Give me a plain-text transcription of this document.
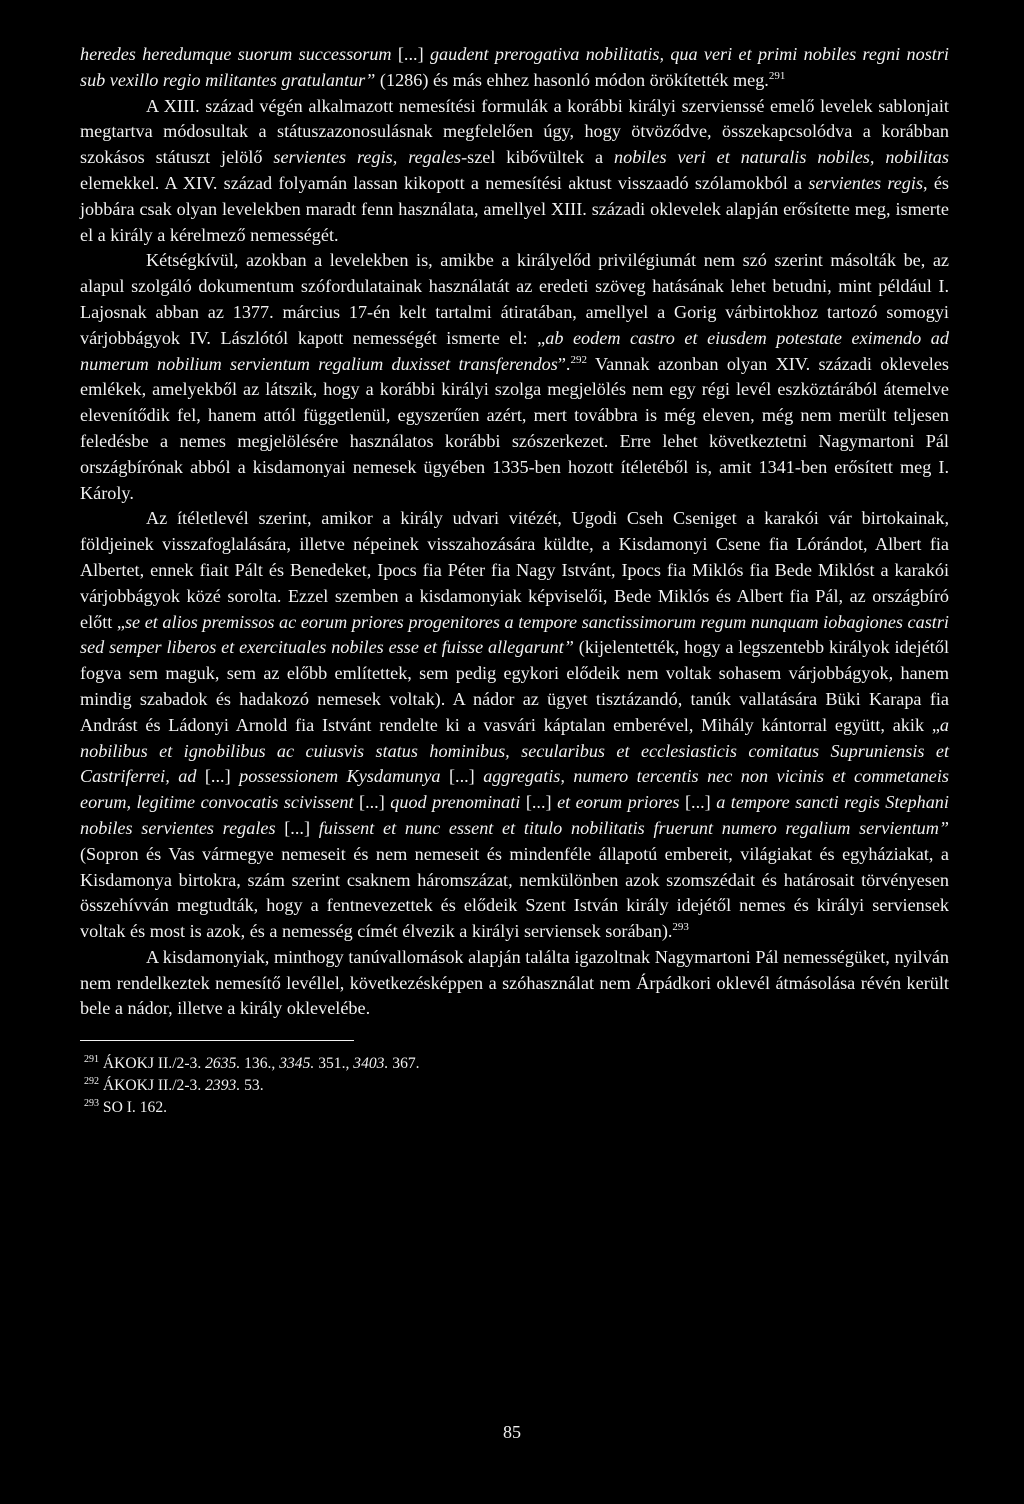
heredes heredumque suorum successorum [...] gaudent prerogativa nobilitatis, qua veri et primi nobiles regni nostri sub vexillo regio militantes gratulantur” (1286) és más ehhez hasonló módon örökítették meg.$^{291}$

A XIII. század végén alkalmazott nemesítési formulák a korábbi királyi szervienssé emelő levelek sablonjait megtartva módosultak a státuszazonosulásnak megfelelően úgy, hogy ötvöződve, összekapcsolódva a korábban szokásos státuszt jelölő servientes regis, regales-szel kibővültek a nobiles veri et naturalis nobiles, nobilitas elemekkel. A XIV. század folyamán lassan kikopott a nemesítési aktust visszaadó szólamokból a servientes regis, és jobbára csak olyan levelekben maradt fenn használata, amellyel XIII. századi oklevelek alapján erősítette meg, ismerte el a király a kérelmező nemességét.

Kétségkívül, azokban a levelekben is, amikbe a királyelőd privilégiumát nem szó szerint másolták be, az alapul szolgáló dokumentum szófordulatainak használatát az eredeti szöveg hatásának lehet betudni, mint például I. Lajosnak abban az 1377. március 17-én kelt tartalmi átiratában, amellyel a Gorig várbirtokhoz tartozó somogyi várjobbágyok IV. Lászlótól kapott nemességét ismerte el: „ab eodem castro et eiusdem potestate eximendo ad numerum nobilium servientum regalium duxisset transferendos”.$^{292}$ Vannak azonban olyan XIV. századi okleveles emlékek, amelyekből az látszik, hogy a korábbi királyi szolga megjelölés nem egy régi levél eszköztárából átemelve elevenítődik fel, hanem attól függetlenül, egyszerűen azért, mert továbbra is még eleven, még nem merült teljesen feledésbe a nemes megjelölésére használatos korábbi szószerkezet. Erre lehet következtetni Nagymartoni Pál országbírónak abból a kisdamonyai nemesek ügyében 1335-ben hozott ítéletéből is, amit 1341-ben erősített meg I. Károly.

Az ítéletlevél szerint, amikor a király udvari vitézét, Ugodi Cseh Cseniget a karakói vár birtokainak, földjeinek visszafoglalására, illetve népeinek visszahozására küldte, a Kisdamonyi Csene fia Lórándot, Albert fia Albertet, ennek fiait Pált és Benedeket, Ipocs fia Péter fia Nagy Istvánt, Ipocs fia Miklós fia Bede Miklóst a karakói várjobbágyok közé sorolta. Ezzel szemben a kisdamonyiak képviselői, Bede Miklós és Albert fia Pál, az országbíró előtt „se et alios premissos ac eorum priores progenitores a tempore sanctissimorum regum nunquam iobagiones castri sed semper liberos et exercituales nobiles esse et fuisse allegarunt” (kijelentették, hogy a legszentebb királyok idejétől fogva sem maguk, sem az előbb említettek, sem pedig egykori elődeik nem voltak sohasem várjobbágyok, hanem mindig szabadok és hadakozó nemesek voltak). A nádor az ügyet tisztázandó, tanúk vallatására Büki Karapa fia Andrást és Ládonyi Arnold fia Istvánt rendelte ki a vasvári káptalan emberével, Mihály kántorral együtt, akik „a nobilibus et ignobilibus ac cuiusvis status hominibus, secularibus et ecclesiasticis comitatus Supruniensis et Castriferrei, ad [...] possessionem Kysdamunya [...] aggregatis, numero tercentis nec non vicinis et commetaneis eorum, legitime convocatis scivissent [...] quod prenominati [...] et eorum priores [...] a tempore sancti regis Stephani nobiles servientes regales [...] fuissent et nunc essent et titulo nobilitatis fruerunt numero regalium servientum” (Sopron és Vas vármegye nemeseit és nem nemeseit és mindenféle állapotú embereit, világiakat és egyháziakat, a Kisdamonya birtokra, szám szerint csaknem háromszázat, nemkülönben azok szomszédait és határosait törvényesen összehívván megtudták, hogy a fentnevezettek és elődeik Szent István király idejétől nemes és királyi serviensek voltak és most is azok, és a nemesség címét élvezik a királyi serviensek sorában).$^{293}$

A kisdamonyiak, minthogy tanúvallomások alapján találta igazoltnak Nagymartoni Pál nemességüket, nyilván nem rendelkeztek nemesítő levéllel, következésképpen a szóhasználat nem Árpádkori oklevél átmásolása révén került bele a nádor, illetve a király oklevelébe.

$^{291}$ ÁKOKJ II./2-3. 2635. 136., 3345. 351., 3403. 367.
$^{292}$ ÁKOKJ II./2-3. 2393. 53.
$^{293}$ SO I. 162.
85
